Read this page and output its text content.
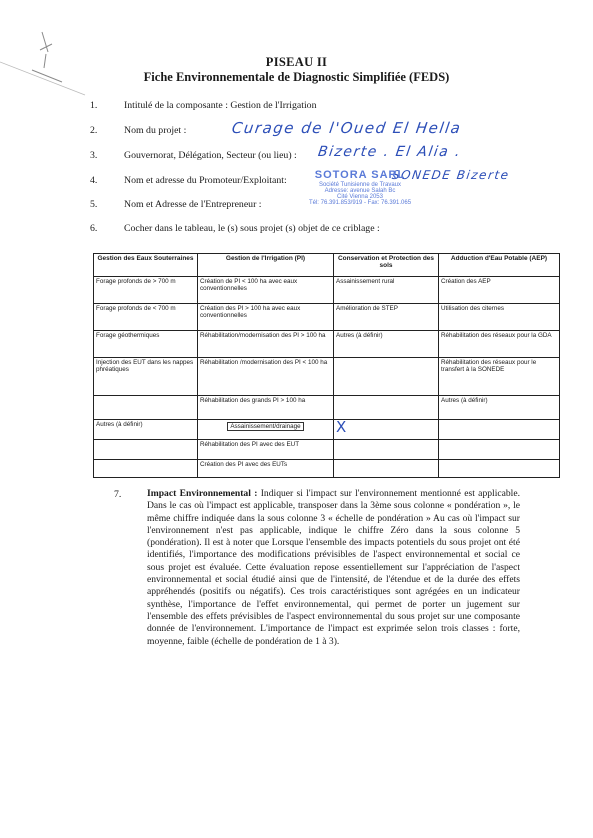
PISEAU II
Fiche Environnementale de Diagnostic Simplifiée (FEDS)
1.	Intitulé de la composante : Gestion de l'Irrigation
2.	Nom du projet :
3.	Gouvernorat, Délégation, Secteur (ou lieu) :
4.	Nom et adresse du Promoteur/Exploitant:
5.	Nom et Adresse de l'Entrepreneur :
6.	Cocher dans le tableau, le (s) sous projet (s) objet de ce criblage :
Curage de l'Oued El Hella
Bizerte . El Alia .
SONEDE Bizerte
SOTORA SARL
Société Tunisienne de Travaux
Adresse: avenue Salah Bc
Cité Vienna 2053
Tél: 76.391.853/919 - Fax: 76.391.065
Gestion des Eaux Souterraines	Gestion de l'Irrigation (PI)	Conservation et Protection des sols	Adduction d'Eau Potable (AEP)
Forage profonds de > 700 m	Création de PI < 100 ha avec eaux conventionnelles	Assainissement rural	Création des AEP
Forage profonds de < 700 m	Création des PI > 100 ha avec eaux conventionnelles	Amélioration de STEP	Utilisation des citernes
Forage géothermiques	Réhabilitation/modernisation des PI > 100 ha	Autres (à définir)	Réhabilitation des réseaux pour la GDA
Injection des EUT dans les nappes phréatiques	Réhabilitation /modernisation des PI < 100 ha		Réhabilitation des réseaux pour le transfert à la SONEDE
	Réhabilitation des grands PI > 100 ha		Autres (à définir)
Autres (à définir)	Assainissement/drainage	X	
	Réhabilitation des PI avec des EUT		
	Création des PI avec des EUTs		
7.	Impact Environnemental : Indiquer si l'impact sur l'environnement mentionné est applicable. Dans le cas où l'impact est applicable, transposer dans la 3ème sous colonne « pondération », le même chiffre indiquée dans la sous colonne 3 « échelle de pondération » Au cas où l'impact sur l'environnement n'est pas applicable, indique le chiffre Zéro dans la sous colonne 5 (pondération). Il est à noter que Lorsque l'ensemble des impacts potentiels du sous projet ont été identifiés, l'importance des modifications prévisibles de l'aspect environnemental et social ce sous projet est évaluée. Cette évaluation repose essentiellement sur l'appréciation de l'aspect environnemental et social étudié ainsi que de l'intensité, de l'étendue et de la durée des effets appréhendés (positifs ou négatifs). Ces trois caractéristiques sont agrégées en un indicateur synthèse, l'importance de l'effet environnemental, qui permet de porter un jugement sur l'ensemble des effets prévisibles de l'aspect environnemental du sous projet sur une composante donnée de l'environnement. L'importance de l'impact est exprimée selon trois classes : forte, moyenne, faible (échelle de pondération de 1 à 3).
